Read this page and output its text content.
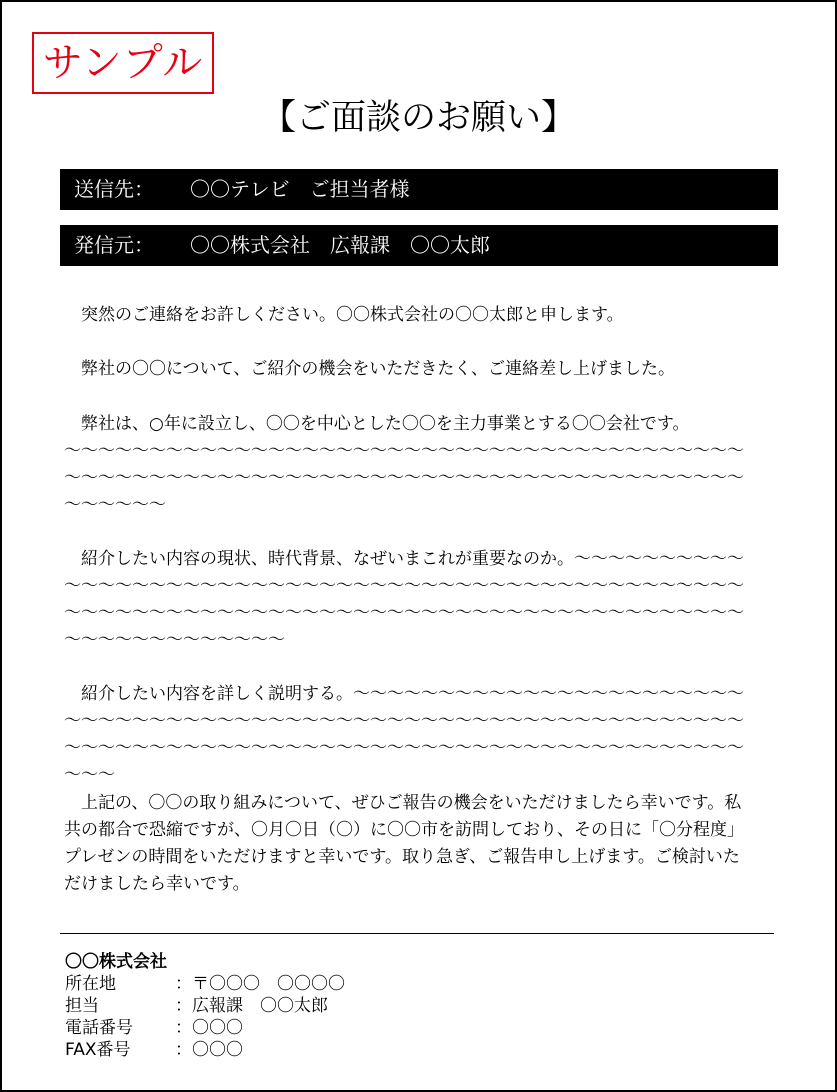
サンプル
【ご面談のお願い】
送信先： 〇〇テレビ　ご担当者様
発信元： 〇〇株式会社　広報課　〇〇太郎

突然のご連絡をお許しください。〇〇株式会社の〇〇太郎と申します。

弊社の〇〇について、ご紹介の機会をいただきたく、ご連絡差し上げました。

弊社は、○年に設立し、〇〇を中心とした〇〇を主力事業とする〇〇会社です。

～～～～～～～～～～～～～～～～～～～～～～～～～～～～～～～～～～～～～～～～～～～～～～～～～～～～～～～～～～～～～～～～～～～～～～～～～～～～～～～～～～～～～～

紹介したい内容の現状、時代背景、なぜいまこれが重要なのか。～～～～～～～～～～～～～～～～～～～～～～～～～～～～～～～～～～～～～～～～～～～～～～～～～～～～～～～～～～～～～～～～～～～～～～～～～～～～～～～～～～～～～～～～～～～～～～～～～～～～～～～

紹介したい内容を詳しく説明する。～～～～～～～～～～～～～～～～～～～～～～～～～～～～～～～～～～～～～～～～～～～～～～～～～～～～～～～～～～～～～～～～～～～～～～～～～～～～～～～～～～～～～～～～～～～～～～～～～～～～～～～～～～

上記の、〇〇の取り組みについて、ぜひご報告の機会をいただけましたら幸いです。私共の都合で恐縮ですが、〇月〇日（〇）に〇〇市を訪問しており、その日に「〇分程度」プレゼンの時間をいただけますと幸いです。取り急ぎ、ご報告申し上げます。ご検討いただけましたら幸いです。

〇〇株式会社
所在地	：〒〇〇〇　〇〇〇〇
担当	：広報課　〇〇太郎
電話番号 ：〇〇〇
FAX番号	：〇〇〇
